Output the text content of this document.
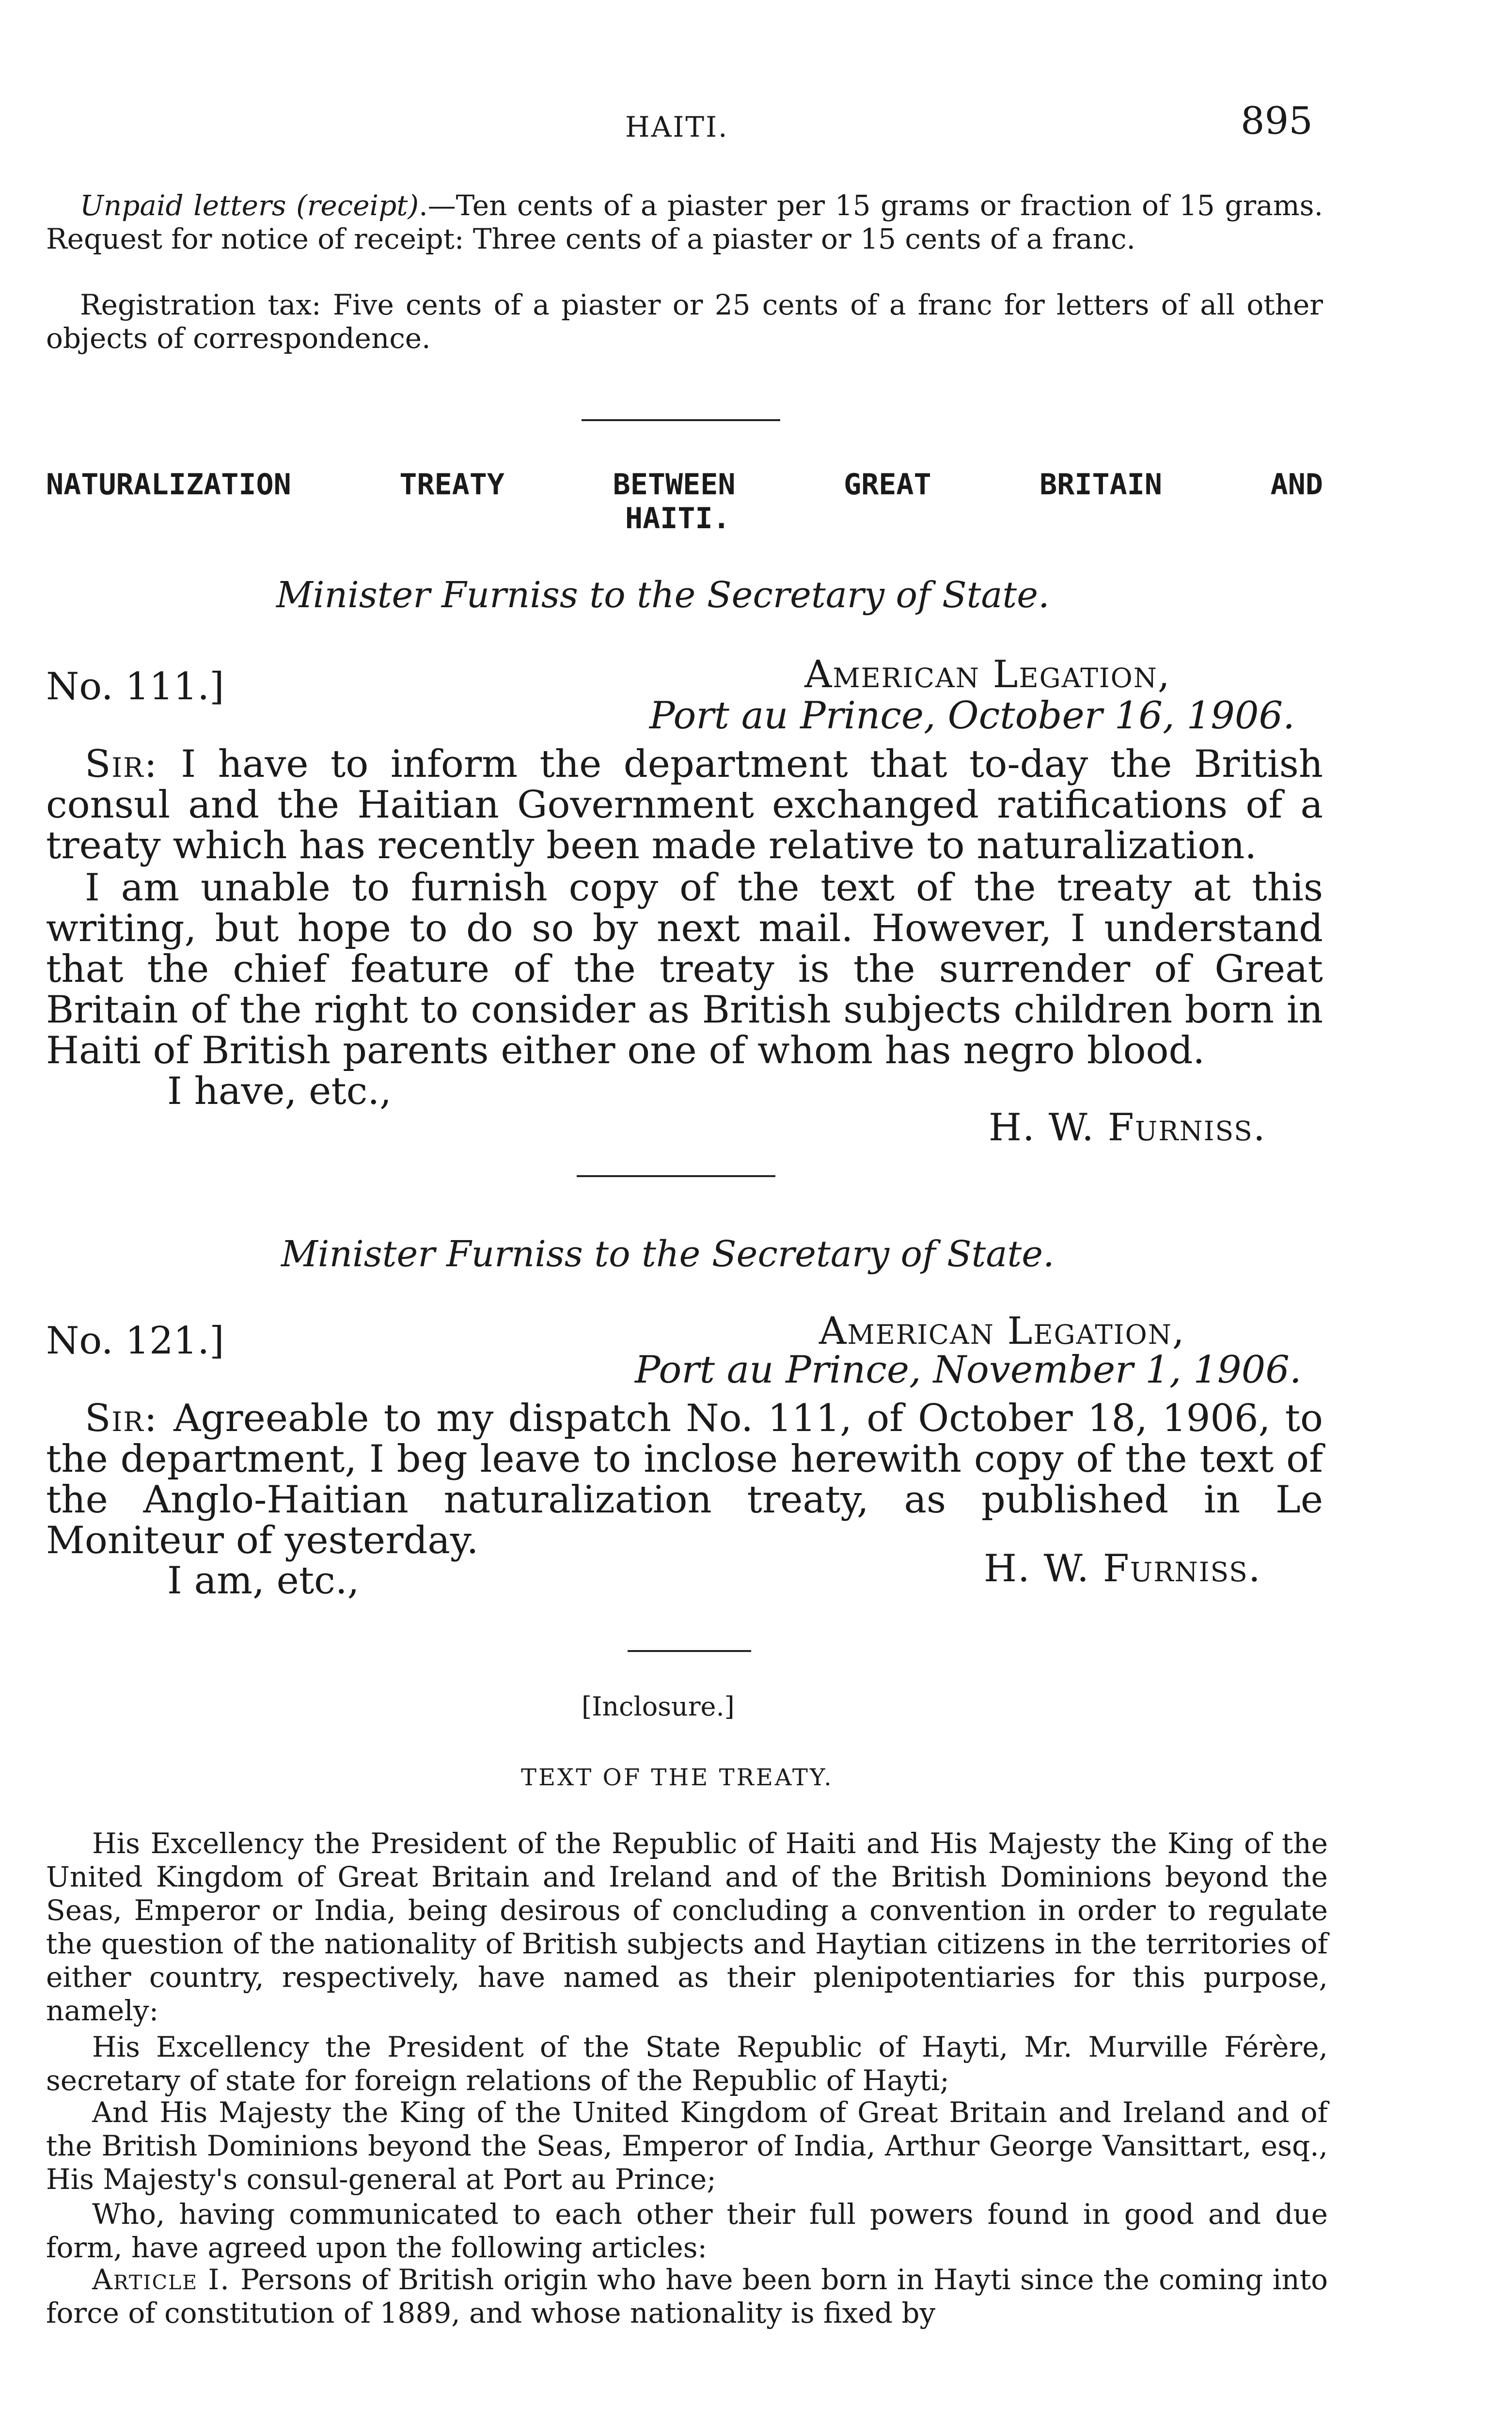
HAITI.	895
Unpaid letters (receipt).—Ten cents of a piaster per 15 grams or fraction of 15 grams. Request for notice of receipt: Three cents of a piaster or 15 cents of a franc.
Registration tax: Five cents of a piaster or 25 cents of a franc for letters of all other objects of correspondence.
NATURALIZATION	TREATY	BETWEEN	GREAT	BRITAIN	AND
HAITI.
Minister Furniss to the Secretary of State.
No. 111.]	American Legation,
Port au Prince, October 16, 1906.
Sir: I have to inform the department that to-day the British consul and the Haitian Government exchanged ratifications of a treaty which has recently been made relative to naturalization.
I am unable to furnish copy of the text of the treaty at this writing, but hope to do so by next mail. However, I understand that the chief feature of the treaty is the surrender of Great Britain of the right to consider as British subjects children born in Haiti of British parents either one of whom has negro blood.
I have, etc.,
H. W. Furniss.
Minister Furniss to the Secretary of State.
No. 121.]	American Legation,
Port au Prince, November 1, 1906.
Sir: Agreeable to my dispatch No. 111, of October 18, 1906, to the department, I beg leave to inclose herewith copy of the text of the Anglo-Haitian naturalization treaty, as published in Le Moniteur of yesterday.
I am, etc.,	H. W. Furniss.
[Inclosure.]
TEXT OF THE TREATY.
His Excellency the President of the Republic of Haiti and His Majesty the King of the United Kingdom of Great Britain and Ireland and of the British Dominions beyond the Seas, Emperor or India, being desirous of concluding a convention in order to regulate the question of the nationality of British subjects and Haytian citizens in the territories of either country, respectively, have named as their plenipotentiaries for this purpose, namely:
His Excellency the President of the State Republic of Hayti, Mr. Murville Férère, secretary of state for foreign relations of the Republic of Hayti;
And His Majesty the King of the United Kingdom of Great Britain and Ireland and of the British Dominions beyond the Seas, Emperor of India, Arthur George Vansittart, esq., His Majesty's consul-general at Port au Prince;
Who, having communicated to each other their full powers found in good and due form, have agreed upon the following articles:
Article I. Persons of British origin who have been born in Hayti since the coming into force of constitution of 1889, and whose nationality is fixed by
